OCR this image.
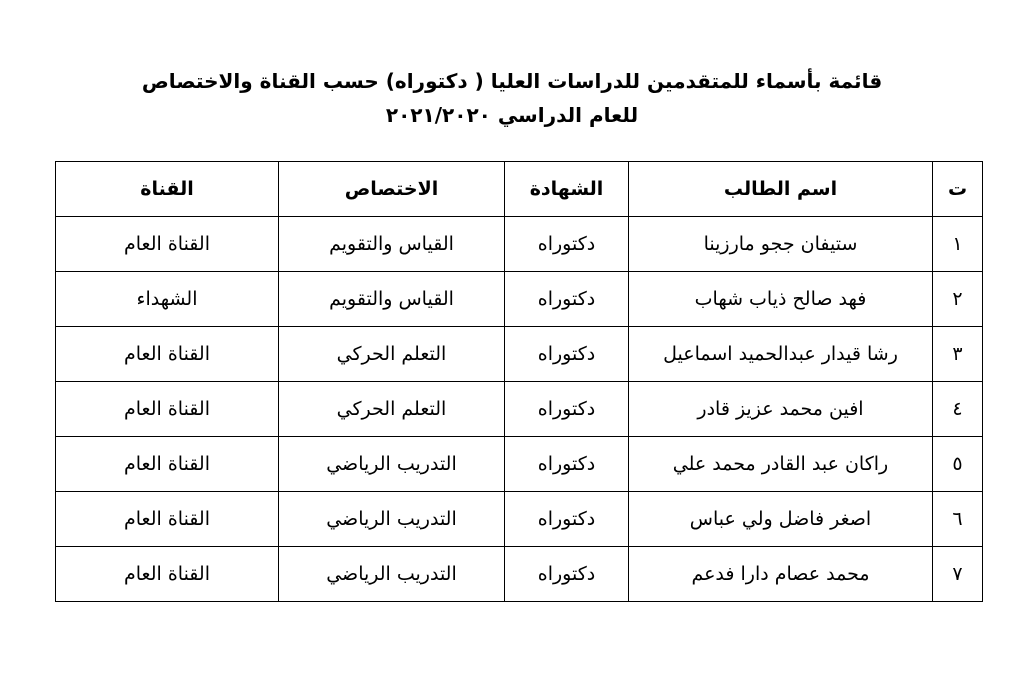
قائمة بأسماء للمتقدمين للدراسات العليا ( دكتوراه) حسب القناة والاختصاص
للعام الدراسي ٢٠٢١/٢٠٢٠
ت	اسم الطالب	الشهادة	الاختصاص	القناة
١	ستيفان ججو مارزينا	دكتوراه	القياس والتقويم	القناة العام
٢	فهد صالح ذياب شهاب	دكتوراه	القياس والتقويم	الشهداء
٣	رشا قيدار عبدالحميد اسماعيل	دكتوراه	التعلم الحركي	القناة العام
٤	افين محمد عزيز قادر	دكتوراه	التعلم الحركي	القناة العام
٥	راكان عبد القادر محمد علي	دكتوراه	التدريب الرياضي	القناة العام
٦	اصغر فاضل ولي عباس	دكتوراه	التدريب الرياضي	القناة العام
٧	محمد عصام دارا فدعم	دكتوراه	التدريب الرياضي	القناة العام
